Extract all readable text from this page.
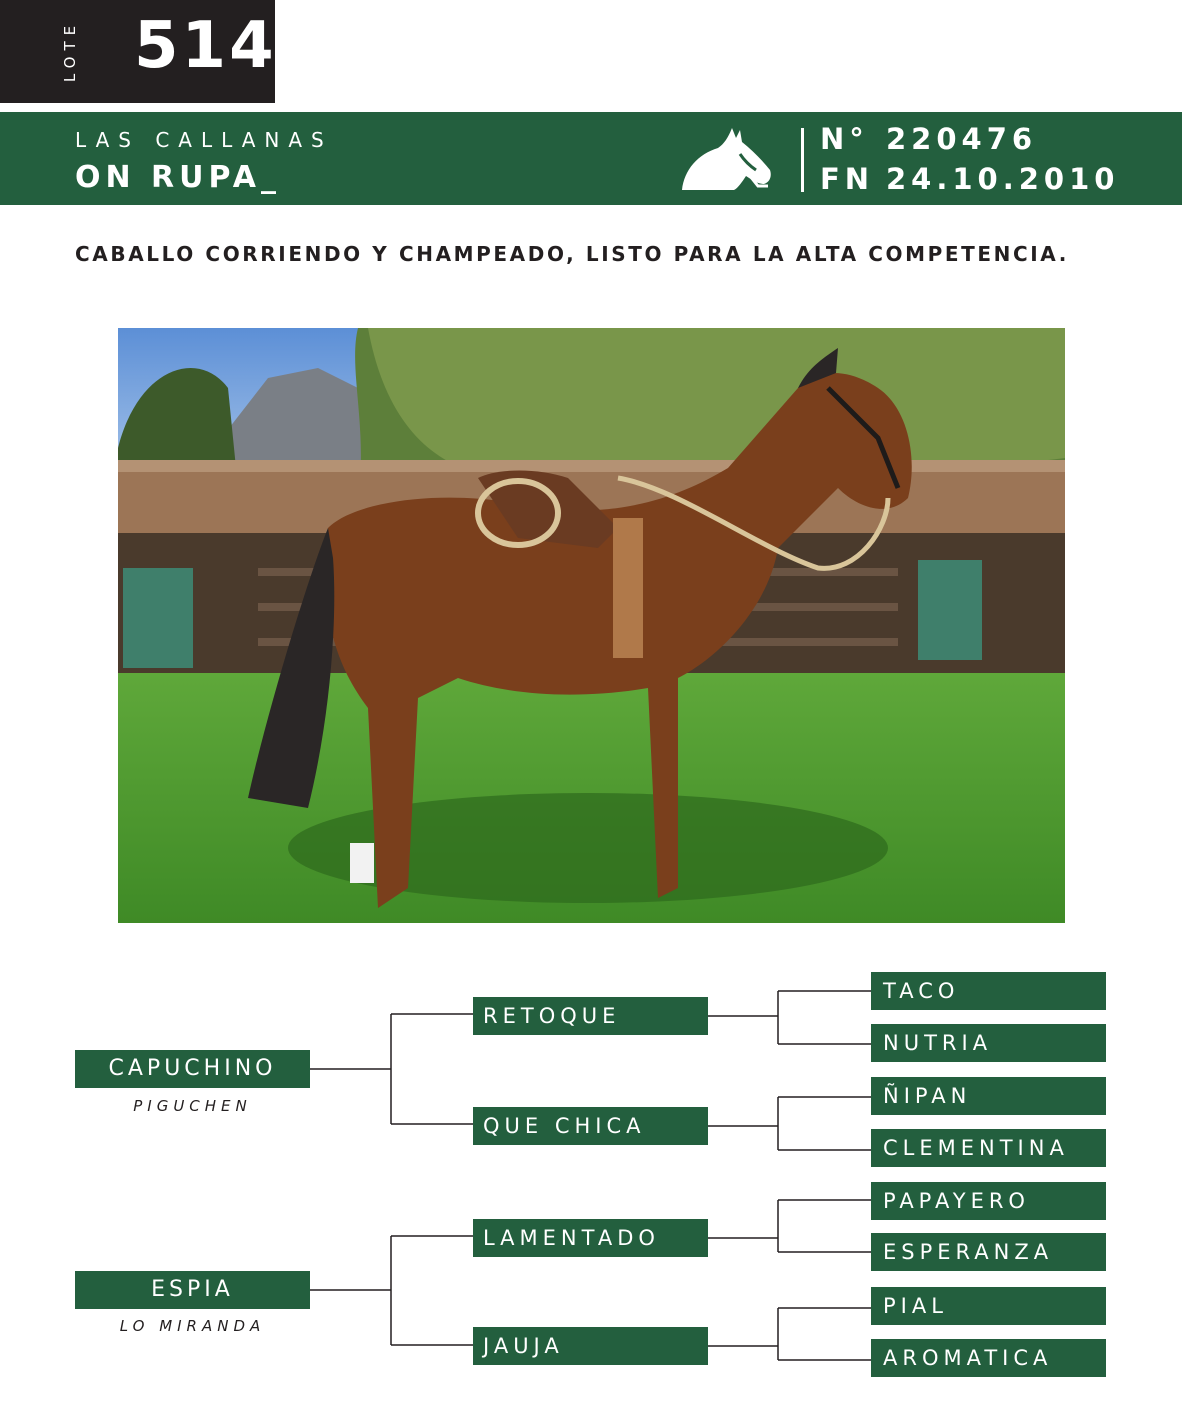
LOTE 514
LAS CALLANAS
ON RUPA_
N° 220476
FN 24.10.2010
CABALLO CORRIENDO Y CHAMPEADO, LISTO PARA LA ALTA COMPETENCIA.
CAPUCHINO
PIGUCHEN
ESPIA
LO MIRANDA
RETOQUE
QUE CHICA
LAMENTADO
JAUJA
TACO
NUTRIA
ÑIPAN
CLEMENTINA
PAPAYERO
ESPERANZA
PIAL
AROMATICA
